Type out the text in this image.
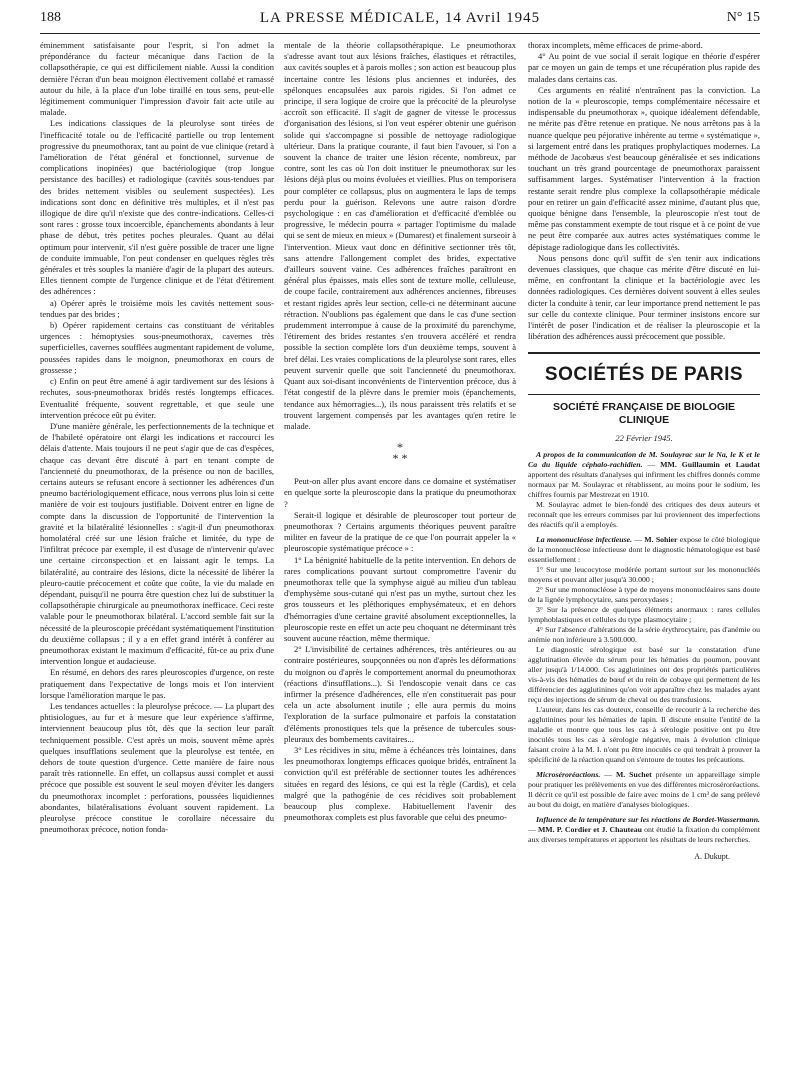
188	LA PRESSE MÉDICALE, 14 Avril 1945	N° 15

éminemment satisfaisante pour l'esprit, si l'on admet la prépondérance du facteur mécanique dans l'action de la collapsothérapie, ce qui est difficilement niable. Aussi la condition dernière l'écran d'un beau moignon électivement collabé et ramassé autour du hile, à la place d'un lobe tiraillé en tous sens, peut-elle légitimement communiquer l'impression d'avoir fait acte utile au malade.

Les indications classiques de la pleurolyse sont tirées de l'inefficacité totale ou de l'efficacité partielle ou trop lentement progressive du pneumothorax, tant au point de vue clinique (retard à l'amélioration de l'état général et fonctionnel, survenue de complications inopinées) que bactériologique (trop longue persistance des bacilles) et radiologique (cavités sous-tendues par des brides nettement visibles ou seulement suspectées). Les indications sont donc en définitive très multiples, et il n'est pas illogique de dire qu'il n'existe que des contre-indications. Celles-ci sont rares : grosse toux incoercible, épanchements abondants à leur phase de début, très petites poches pleurales. Quant au délai optimum pour intervenir, s'il n'est guère possible de tracer une ligne de conduite immuable, l'on peut condenser en quelques règles très générales et très souples la manière d'agir de la plupart des auteurs. Elles tiennent compte de l'urgence clinique et de l'état d'étirement des adhérences :

a) Opérer après le troisième mois les cavités nettement sous-tendues par des brides ;

b) Opérer rapidement certains cas constituant de véritables urgences : hémoptysies sous-pneumothorax, cavernes très superficielles, cavernes soufflées augmentant rapidement de volume, poussées rapides dans le moignon, pneumothorax en cours de grossesse ;

c) Enfin on peut être amené à agir tardivement sur des lésions à rechutes, sous-pneumothorax bridés restés longtemps efficaces. Eventualité fréquente, souvent regrettable, et que seule une intervention précoce eût pu éviter.

D'une manière générale, les perfectionnements de la technique et de l'habileté opératoire ont élargi les indications et raccourci les délais d'attente. Mais toujours il ne peut s'agir que de cas d'espèces, chaque cas devant être discuté à part en tenant compte de l'ancienneté du pneumothorax, de la présence ou non de bacilles, certains auteurs se refusant encore à sectionner les adhérences d'un pneumo bactériologiquement efficace, nous verrons plus loin si cette manière de voir est toujours justifiable. Doivent entrer en ligne de compte dans la discussion de l'opportunité de l'intervention la gravité et la bilatéralité lésionnelles : s'agit-il d'un pneumothorax homolatéral créé sur une lésion fraîche et limitée, du type de l'infiltrat précoce par exemple, il est d'usage de n'intervenir qu'avec une certaine circonspection et en laissant agir le temps. La bilatéralité, au contraire des lésions, dicte la nécessité de libérer la pleuro-cautie précocement et coûte que coûte, la vie du malade en dépendant, puisqu'il ne pourra être question chez lui de substituer la collapsothérapie chirurgicale au pneumothorax inefficace. Ceci reste valable pour le pneumothorax bilatéral. L'accord semble fait sur la nécessité de la pleuroscopie précédant systématiquement l'institution du deuxième collapsus ; il y a en effet grand intérêt à conférer au pneumothorax existant le maximum d'efficacité, fût-ce au prix d'une intervention longue et audacieuse.

En résumé, en dehors des rares pleuroscopies d'urgence, on reste pratiquement dans l'expectative de longs mois et l'on intervient lorsque l'amélioration marque le pas.

Les tendances actuelles : la pleurolyse précoce. — La plupart des phtisiologues, au fur et à mesure que leur expérience s'affirme, interviennent beaucoup plus tôt, dès que la section leur paraît techniquement possible. C'est après un mois, souvent même après quelques insufflations seulement que la pleurolyse est tentée, en dehors de toute question d'urgence. Cette manière de faire nous paraît très rationnelle. En effet, un collapsus aussi complet et aussi précoce que possible est souvent le seul moyen d'éviter les dangers du pneumothorax incomplet : perforations, poussées liquidiennes abondantes, bilatéralisations évoluant souvent rapidement. La pleurolyse précoce constitue le corollaire nécessaire du pneumothorax précoce, notion fonda-

mentale de la théorie collapsothérapique. Le pneumothorax s'adresse avant tout aux lésions fraîches, élastiques et rétractiles, aux cavités souples et à parois molles ; son action est beaucoup plus incertaine contre les lésions plus anciennes et indurées, des spélonques encapsulées aux parois rigides. Si l'on admet ce principe, il sera logique de croire que la précocité de la pleurolyse accroît son efficacité. Il s'agit de gagner de vitesse le processus d'organisation des lésions, si l'on veut espérer obtenir une guérison solide qui s'accompagne si possible de nettoyage radiologique ultérieur. Dans la pratique courante, il faut bien l'avouer, si l'on a souvent la chance de traiter une lésion récente, nombreux, par contre, sont les cas où l'on doit instituer le pneumothorax sur les lésions déjà plus ou moins évoluées et vieillies. Plus on temporisera pour compléter ce collapsus, plus on augmentera le laps de temps perdu pour la guérison. Relevons une autre raison d'ordre psychologique : en cas d'amélioration et d'efficacité d'emblée ou progressive, le médecin pourra « partager l'optimisme du malade qui se sent de mieux en mieux » (Dumarest) et finalement surseoir à l'intervention. Mieux vaut donc en définitive sectionner très tôt, sans attendre l'allongement complet des brides, expectative d'ailleurs souvent vaine. Ces adhérences fraîches paraîtront en général plus épaisses, mais elles sont de texture molle, celluleuse, de coupe facile, contrairement aux adhérences anciennes, fibreuses et restant rigides après leur section, celle-ci ne déterminant aucune rétraction. N'oublions pas également que dans le cas d'une section prudemment interrompue à cause de la proximité du parenchyme, l'étirement des brides restantes s'en trouvera accéléré et rendra possible la section complète lors d'un deuxième temps, souvent à bref délai. Les vraies complications de la pleurolyse sont rares, elles peuvent survenir quelle que soit l'ancienneté du pneumothorax. Quant aux soi-disant inconvénients de l'intervention précoce, dus à l'état congestif de la plèvre dans le premier mois (épanchements, tendance aux hémorragies...), ils nous paraissent très relatifs et se trouvent largement compensés par les avantages qu'en retire le malade.

*
* *

Peut-on aller plus avant encore dans ce domaine et systématiser en quelque sorte la pleuroscopie dans la pratique du pneumothorax ?

Serait-il logique et désirable de pleuroscoper tout porteur de pneumothorax ? Certains arguments théoriques peuvent paraître militer en faveur de la pratique de ce que l'on pourrait appeler la « pleuroscopie systématique précoce » :

1° La bénignité habituelle de la petite intervention. En dehors de rares complications pouvant surtout compromettre l'avenir du pneumothorax telle que la symphyse aiguë au milieu d'un tableau d'emphysème sous-cutané qui n'est pas un mythe, surtout chez les gros tousseurs et les pléthoriques emphysémateux, et en dehors d'hémorragies d'une certaine gravité absolument exceptionnelles, la pleuroscopie reste en effet un acte peu choquant ne déterminant très souvent aucune réaction, même thermique.

2° L'invisibilité de certaines adhérences, très antérieures ou au contraire postérieures, soupçonnées ou non d'après les déformations du moignon ou d'après le comportement anormal du pneumothorax (réactions d'insufflations...). Si l'endoscopie venait dans ce cas infirmer la présence d'adhérences, elle n'en constituerait pas pour cela un acte absolument inutile ; elle aura permis du moins l'exploration de la surface pulmonaire et parfois la constatation d'éléments pronostiques tels que la présence de tubercules sous-pleuraux des bombements cavitaires...

3° Les récidives in situ, même à échéances très lointaines, dans les pneumothorax longtemps efficaces quoique bridés, entraînent la conviction qu'il est préférable de sectionner toutes les adhérences situées en regard des lésions, ce qui est la règle (Cardis), et cela malgré que la pathogénie de ces récidives soit probablement beaucoup plus complexe. Habituellement l'avenir des pneumothorax complets est plus favorable que celui des pneumo-

thorax incomplets, même efficaces de prime-abord.

4° Au point de vue social il serait logique en théorie d'espérer par ce moyen un gain de temps et une récupération plus rapide des malades dans certains cas.

Ces arguments en réalité n'entraînent pas la conviction. La notion de la « pleuroscopie, temps complémentaire nécessaire et indispensable du pneumothorax », quoique idéalement défendable, ne mérite pas d'être retenue en pratique. Ne nous arrêtons pas à la nuance quelque peu péjorative inhérente au terme « systématique », si largement entré dans les pratiques prophylactiques modernes. La méthode de Jacobæus s'est beaucoup généralisée et ses indications touchant un très grand pourcentage de pneumothorax paraissent suffisamment larges. Systématiser l'intervention à la fraction restante serait rendre plus complexe la collapsothérapie médicale pour en retirer un gain d'efficacité assez minime, d'autant plus que, quoique bénigne dans l'ensemble, la pleuroscopie n'est tout de même pas constamment exempte de tout risque et à ce point de vue ne peut être comparée aux autres actes systématiques comme le dépistage radiologique dans les collectivités.

Nous pensons donc qu'il suffit de s'en tenir aux indications devenues classiques, que chaque cas mérite d'être discuté en lui-même, en confrontant la clinique et la bactériologie avec les données radiologiques. Ces dernières doivent souvent à elles seules dicter la conduite à tenir, car leur importance prend nettement le pas sur celle du contexte clinique. Pour terminer insistons encore sur l'intérêt de poser l'indication et de réaliser la pleuroscopie et la libération des adhérences aussi précocement que possible.

SOCIÉTÉS DE PARIS
SOCIÉTÉ FRANÇAISE DE BIOLOGIE CLINIQUE
22 Février 1945.

A propos de la communication de M. Soulayrac sur le Na, le K et le Ca du liquide céphalo-rachidien. — MM. Guillaumin et Laudat apportent des résultats d'analyses qui infirment les chiffres donnés comme normaux par M. Soulayrac et rétablissent, au moins pour le sodium, les chiffres fournis par Mestrezat en 1910.

M. Soulayrac admet le bien-fondé des critiques des deux auteurs et reconnaît que les erreurs commises par lui proviennent des imperfections des réactifs qu'il a employés.

La mononucléose infectieuse. — M. Sohier expose le côté biologique de la mononucléose infectieuse dont le diagnostic hématologique est basé essentiellement :

1° Sur une leucocytose modérée portant surtout sur les mononucléés moyens et pouvant aller jusqu'à 30.000 ;

2° Sur une mononucléose à type de moyens mononucléaires sans doute de la lignée lymphocytaire, sans peroxydases ;

3° Sur la présence de quelques éléments anormaux : rares cellules lymphoblastiques et cellules du type plasmocytaire ;

4° Sur l'absence d'altérations de la série érythrocytaire, pas d'anémie ou anémie non inférieure à 3.500.000.

Le diagnostic sérologique est basé sur la constatation d'une agglutination élevée du sérum pour les hématies du poumon, pouvant aller jusqu'à 1/14.000. Ces agglutinines ont des propriétés particulières vis-à-vis des hématies de bœuf et du rein de cobaye qui permettent de les différencier des agglutinines qu'on voit apparaître chez les malades ayant reçu des injections de sérum de cheval ou des transfusions.

L'auteur, dans les cas douteux, conseille de recourir à la recherche des agglutinines pour les hématies de lapin. Il discute ensuite l'entité de la maladie et montre que tous les cas à sérologie positive ont pu être inoculés tous les cas à sérologie négative, mais à évolution clinique faisant croire à la M. I. n'ont pu être inoculés ce qui tendrait à prouver la spécificité de la réaction quand on s'entoure de toutes les précautions.

Microséroréactions. — M. Suchet présente un appareillage simple pour pratiquer les prélèvements en vue des différentes microséroréactions. Il décrit ce qu'il est possible de faire avec moins de 1 cm³ de sang prélevé au bout du doigt, en matière d'analyses biologiques.

Influence de la température sur les réactions de Bordet-Wassermann. — MM. P. Cordier et J. Chauteau ont étudié la fixation du complément aux diverses températures et apportent les résultats de leurs recherches.

A. Dukupt.
